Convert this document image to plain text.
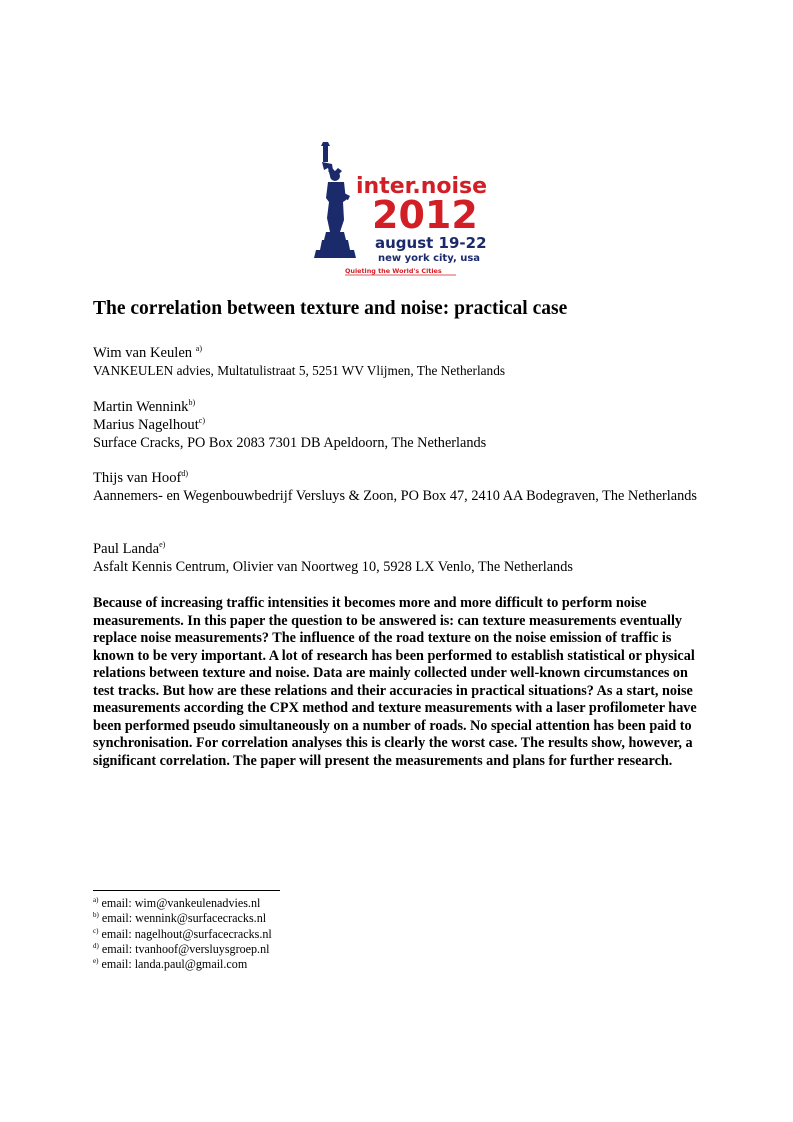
inter.noise
2012
august 19-22
new york city, usa
Quieting the World's Cities
The correlation between texture and noise: practical case
Wim van Keulen $^{a)}$
VANKEULEN advies, Multatulistraat 5, 5251 WV Vlijmen, The Netherlands
Martin Wennink$^{b)}$
Marius Nagelhout$^{c)}$
Surface Cracks, PO Box 2083 7301 DB Apeldoorn, The Netherlands
Thijs van Hoof$^{d)}$
Aannemers- en Wegenbouwbedrijf Versluys & Zoon, PO Box 47, 2410 AA Bodegraven, The Netherlands
Paul Landa$^{e)}$
Asfalt Kennis Centrum, Olivier van Noortweg 10, 5928 LX Venlo, The Netherlands

Because of increasing traffic intensities it becomes more and more difficult to perform noise measurements. In this paper the question to be answered is: can texture measurements eventually replace noise measurements? The influence of the road texture on the noise emission of traffic is known to be very important. A lot of research has been performed to establish statistical or physical relations between texture and noise. Data are mainly collected under well-known circumstances on test tracks. But how are these relations and their accuracies in practical situations? As a start, noise measurements according the CPX method and texture measurements with a laser profilometer have been performed pseudo simultaneously on a number of roads. No special attention has been paid to synchronisation. For correlation analyses this is clearly the worst case. The results show, however, a significant correlation. The paper will present the measurements and plans for further research.

$^{a)}$ email: wim@vankeulenadvies.nl
$^{b)}$ email: wennink@surfacecracks.nl
$^{c)}$ email: nagelhout@surfacecracks.nl
$^{d)}$ email: tvanhoof@versluysgroep.nl
$^{e)}$ email: landa.paul@gmail.com
